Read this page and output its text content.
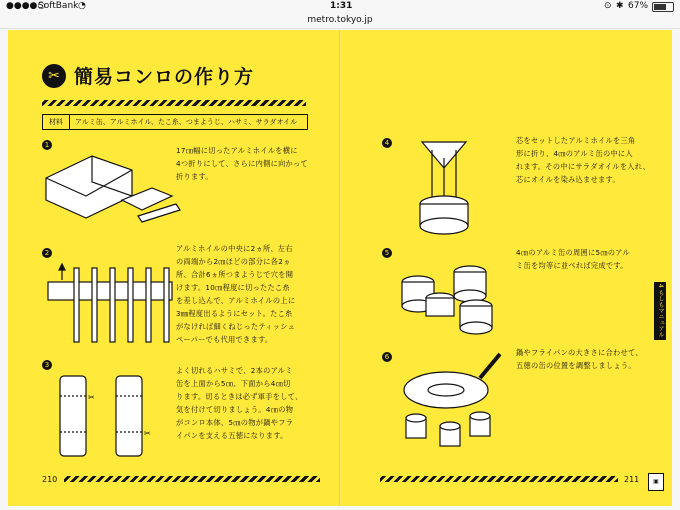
●●●●○
SoftBank ◔	1:31	⊙ ✱ 67%
metro.tokyo.jp
✂ 簡易コンロの作り方
材料 アルミ缶、アルミホイル、たこ糸、つまようじ、ハサミ、サラダオイル
1
17㎝幅に切ったアルミホイルを横に
4つ折りにして、さらに内側に向かって
折ります。
2	アルミホイルの中央に2ヵ所、左右
の両端から2㎝ほどの部分に各2ヵ
所、合計6ヵ所つまようじで穴を開
けます。10㎝程度に切ったたこ糸
を差し込んで、アルミホイルの上に
3㎜程度出るようにセット。たこ糸
がなければ細くねじったティッシュ
ペーパーでも代用できます。
3
✂
✂
よく切れるハサミで、2本のアルミ
缶を上面から5㎝、下面から4㎝切
ります。切るときは必ず軍手をして、
気を付けて切りましょう。4㎝の物
がコンロ本体、5㎝の物が鍋やフラ
イパンを支える五徳になります。
4	芯をセットしたアルミホイルを三角
形に折り、4㎝のアルミ缶の中に入
れます。その中にサラダオイルを入れ、
芯にオイルを染み込ませます。
5	4㎝のアルミ缶の周囲に5㎝のアル
ミ缶を均等に並べれば完成です。
6	鍋やフライパンの大きさに合わせて、
五徳の缶の位置を調整しましょう。
210	211	▣
4 もしもマニュアル
